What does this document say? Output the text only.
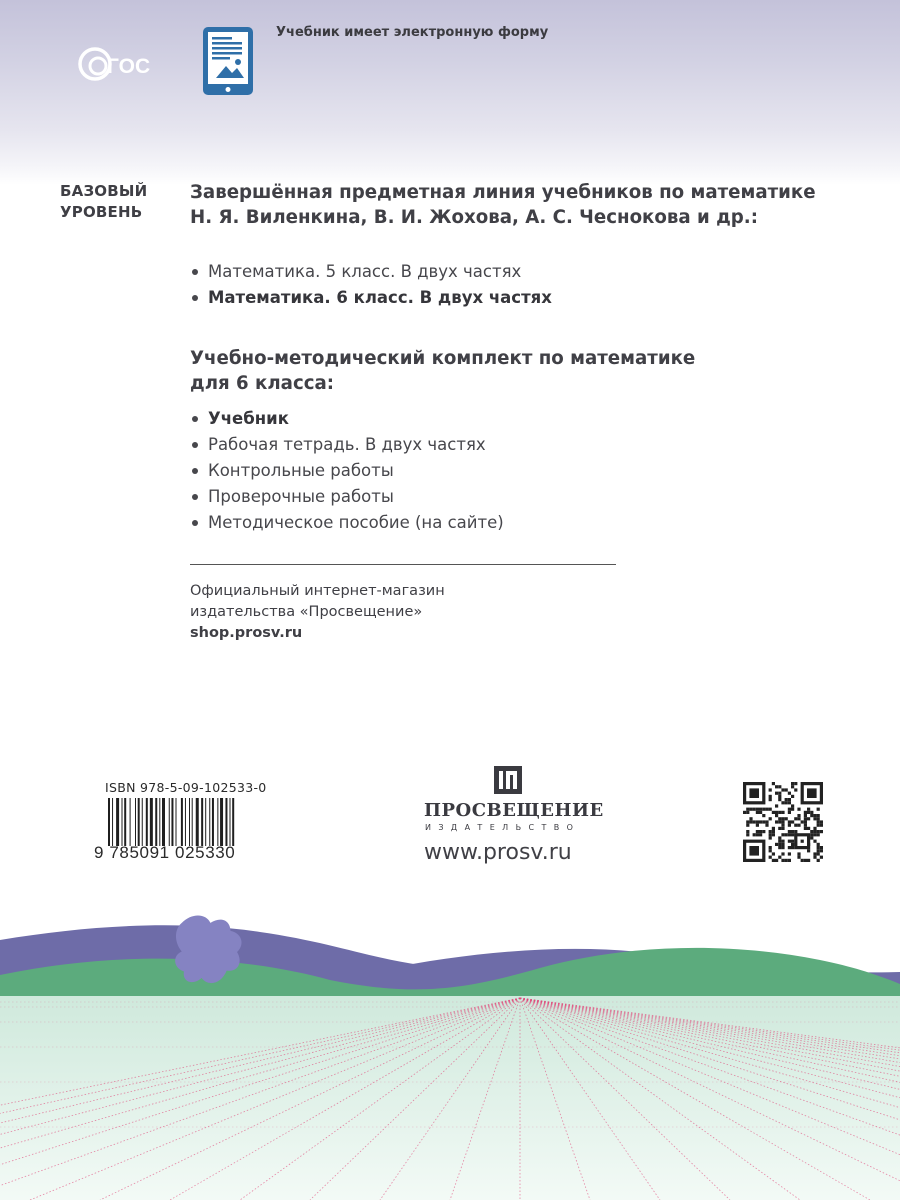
ГОС
Учебник имеет электронную форму
БАЗОВЫЙ
УРОВЕНЬ
Завершённая предметная линия учебников по математике
Н. Я. Виленкина, В. И. Жохова, А. С. Чеснокова и др.:
Математика. 5 класс. В двух частях
Математика. 6 класс. В двух частях
Учебно-методический комплект по математике
для 6 класса:
Учебник
Рабочая тетрадь. В двух частях
Контрольные работы
Проверочные работы
Методическое пособие (на сайте)
Официальный интернет-магазин
издательства «Просвещение»
shop.prosv.ru
ISBN 978-5-09-102533-0
9 785091 025330
ПРОСВЕЩЕНИЕ
ИЗДАТЕЛЬСТВО
www.prosv.ru
